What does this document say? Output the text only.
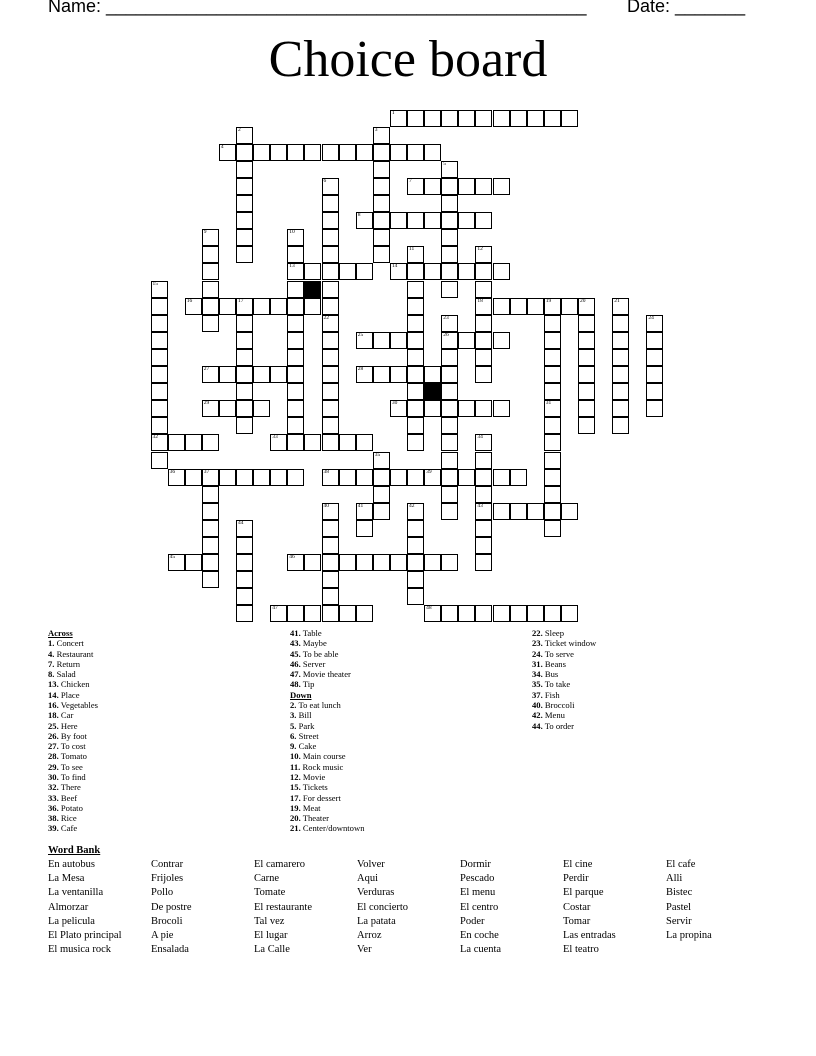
Name: ________________________________________________ Date: _______
Choice board
1
4
7
8
13	14
16	17	18	19
25	26
27	28
29	30
32	33
36	37	38	39
43
45	46
47	48
2	3
5
6
22
9	10
11	12
15
20	21
24
23
31
34
35
44
40	41	42
Across
1. Concert
4. Restaurant
7. Return
8. Salad
13. Chicken
14. Place
16. Vegetables
18. Car
25. Here
26. By foot
27. To cost
28. Tomato
29. To see
30. To find
32. There
33. Beef
36. Potato
38. Rice
39. Cafe
41. Table
43. Maybe
45. To be able
46. Server
47. Movie theater
48. Tip
Down
2. To eat lunch
3. Bill
5. Park
6. Street
9. Cake
10. Main course
11. Rock music
12. Movie
15. Tickets
17. For dessert
19. Meat
20. Theater
21. Center/downtown
22. Sleep
23. Ticket window
24. To serve
31. Beans
34. Bus
35. To take
37. Fish
40. Broccoli
42. Menu
44. To order
Word Bank
En autobus	Contrar	El camarero	Volver	Dormir	El cine	El cafe
La Mesa	Frijoles	Carne	Aqui	Pescado	Perdir	Alli
La ventanilla	Pollo	Tomate	Verduras	El menu	El parque	Bistec
Almorzar	De postre	El restaurante	El concierto	El centro	Costar	Pastel
La pelicula	Brocoli	Tal vez	La patata	Poder	Tomar	Servir
El Plato principal	A pie	El lugar	Arroz	En coche	Las entradas	La propina
El musica rock	Ensalada	La Calle	Ver	La cuenta	El teatro
